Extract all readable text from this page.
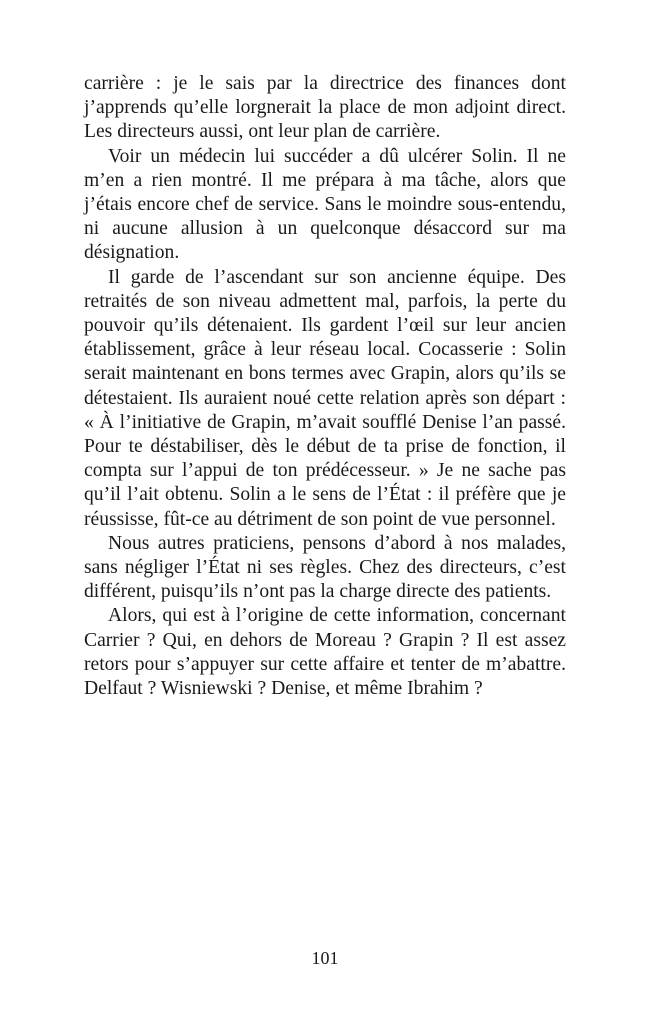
carrière : je le sais par la directrice des finances dont j’apprends qu’elle lorgnerait la place de mon adjoint direct. Les directeurs aussi, ont leur plan de carrière.

Voir un médecin lui succéder a dû ulcérer Solin. Il ne m’en a rien montré. Il me prépara à ma tâche, alors que j’étais encore chef de service. Sans le moindre sous-entendu, ni aucune allusion à un quelconque désaccord sur ma désignation.

Il garde de l’ascendant sur son ancienne équipe. Des retraités de son niveau admettent mal, parfois, la perte du pouvoir qu’ils détenaient. Ils gardent l’œil sur leur ancien établissement, grâce à leur réseau local. Cocasserie : Solin serait maintenant en bons termes avec Grapin, alors qu’ils se détestaient. Ils auraient noué cette relation après son départ : « À l’initiative de Grapin, m’avait soufflé Denise l’an passé. Pour te déstabiliser, dès le début de ta prise de fonction, il compta sur l’appui de ton prédécesseur. » Je ne sache pas qu’il l’ait obtenu. Solin a le sens de l’État : il préfère que je réussisse, fût-ce au détriment de son point de vue personnel.

Nous autres praticiens, pensons d’abord à nos malades, sans négliger l’État ni ses règles. Chez des directeurs, c’est différent, puisqu’ils n’ont pas la charge directe des patients.

Alors, qui est à l’origine de cette information, concernant Carrier ? Qui, en dehors de Moreau ? Grapin ? Il est assez retors pour s’appuyer sur cette affaire et tenter de m’abattre. Delfaut ? Wisniewski ? Denise, et même Ibrahim ?

101
